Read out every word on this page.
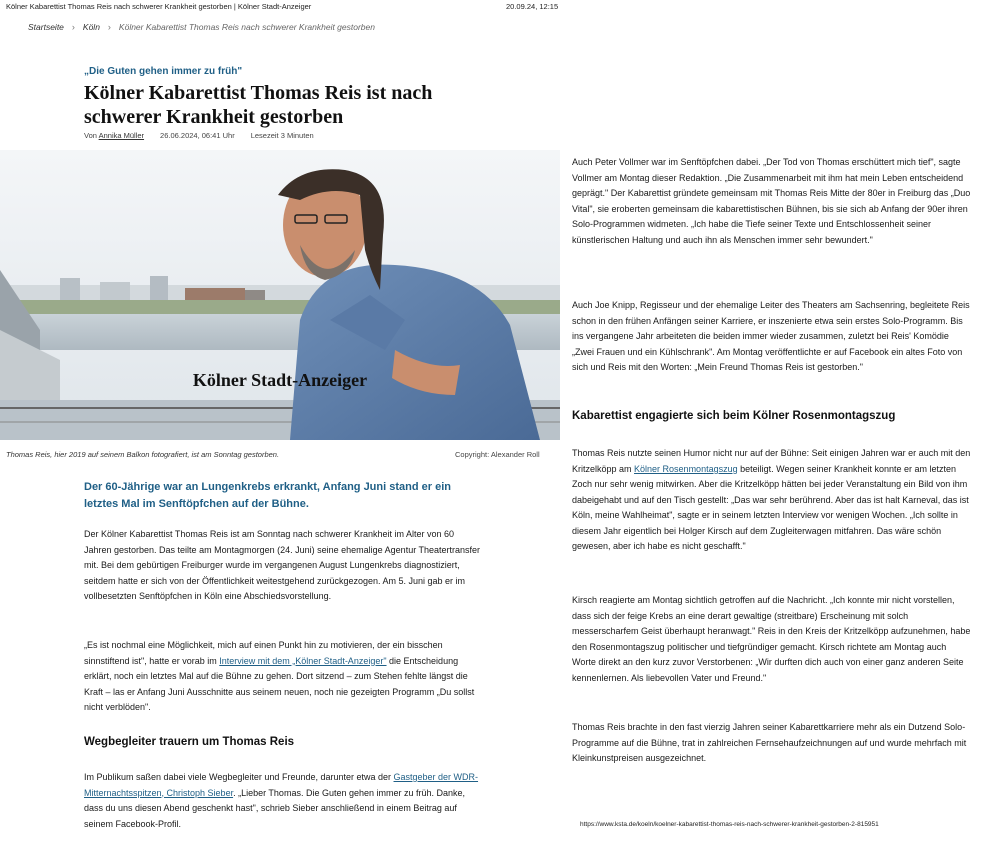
Kölner Kabarettist Thomas Reis nach schwerer Krankheit gestorben | Kölner Stadt-Anzeiger	20.09.24, 12:15
Startseite › Köln › Kölner Kabarettist Thomas Reis nach schwerer Krankheit gestorben
„Die Guten gehen immer zu früh"
Kölner Kabarettist Thomas Reis ist nach schwerer Krankheit gestorben
Von Annika Müller 26.06.2024, 06:41 Uhr Lesezeit 3 Minuten
Kölner Stadt-Anzeiger
Thomas Reis, hier 2019 auf seinem Balkon fotografiert, ist am Sonntag gestorben.	Copyright: Alexander Roll
Der 60-Jährige war an Lungenkrebs erkrankt, Anfang Juni stand er ein letztes Mal im Senftöpfchen auf der Bühne.

Der Kölner Kabarettist Thomas Reis ist am Sonntag nach schwerer Krankheit im Alter von 60 Jahren gestorben. Das teilte am Montagmorgen (24. Juni) seine ehemalige Agentur Theatertransfer mit. Bei dem gebürtigen Freiburger wurde im vergangenen August Lungenkrebs diagnostiziert, seitdem hatte er sich von der Öffentlichkeit weitestgehend zurückgezogen. Am 5. Juni gab er im vollbesetzten Senftöpfchen in Köln eine Abschiedsvorstellung.

„Es ist nochmal eine Möglichkeit, mich auf einen Punkt hin zu motivieren, der ein bisschen sinnstiftend ist", hatte er vorab im Interview mit dem „Kölner Stadt-Anzeiger" die Entscheidung erklärt, noch ein letztes Mal auf die Bühne zu gehen. Dort sitzend – zum Stehen fehlte längst die Kraft – las er Anfang Juni Ausschnitte aus seinem neuen, noch nie gezeigten Programm „Du sollst nicht verblöden".

Wegbegleiter trauern um Thomas Reis

Im Publikum saßen dabei viele Wegbegleiter und Freunde, darunter etwa der Gastgeber der WDR-Mitternachtsspitzen, Christoph Sieber. „Lieber Thomas. Die Guten gehen immer zu früh. Danke, dass du uns diesen Abend geschenkt hast", schrieb Sieber anschließend in einem Beitrag auf seinem Facebook-Profil.

Auch Peter Vollmer war im Senftöpfchen dabei. „Der Tod von Thomas erschüttert mich tief", sagte Vollmer am Montag dieser Redaktion. „Die Zusammenarbeit mit ihm hat mein Leben entscheidend geprägt." Der Kabarettist gründete gemeinsam mit Thomas Reis Mitte der 80er in Freiburg das „Duo Vital", sie eroberten gemeinsam die kabarettistischen Bühnen, bis sie sich ab Anfang der 90er ihren Solo-Programmen widmeten. „Ich habe die Tiefe seiner Texte und Entschlossenheit seiner künstlerischen Haltung und auch ihn als Menschen immer sehr bewundert."

Auch Joe Knipp, Regisseur und der ehemalige Leiter des Theaters am Sachsenring, begleitete Reis schon in den frühen Anfängen seiner Karriere, er inszenierte etwa sein erstes Solo-Programm. Bis ins vergangene Jahr arbeiteten die beiden immer wieder zusammen, zuletzt bei Reis' Komödie „Zwei Frauen und ein Kühlschrank". Am Montag veröffentlichte er auf Facebook ein altes Foto von sich und Reis mit den Worten: „Mein Freund Thomas Reis ist gestorben."

Kabarettist engagierte sich beim Kölner Rosenmontagszug

Thomas Reis nutzte seinen Humor nicht nur auf der Bühne: Seit einigen Jahren war er auch mit den Kritzelköpp am Kölner Rosenmontagszug beteiligt. Wegen seiner Krankheit konnte er am letzten Zoch nur sehr wenig mitwirken. Aber die Kritzelköpp hätten bei jeder Veranstaltung ein Bild von ihm dabeigehabt und auf den Tisch gestellt: „Das war sehr berührend. Aber das ist halt Karneval, das ist Köln, meine Wahlheimat", sagte er in seinem letzten Interview vor wenigen Wochen. „Ich sollte in diesem Jahr eigentlich bei Holger Kirsch auf dem Zugleiterwagen mitfahren. Das wäre schön gewesen, aber ich habe es nicht geschafft."

Kirsch reagierte am Montag sichtlich getroffen auf die Nachricht. „Ich konnte mir nicht vorstellen, dass sich der feige Krebs an eine derart gewaltige (streitbare) Erscheinung mit solch messerscharfem Geist überhaupt heranwagt." Reis in den Kreis der Kritzelköpp aufzunehmen, habe den Rosenmontagszug politischer und tiefgründiger gemacht. Kirsch richtete am Montag auch Worte direkt an den kurz zuvor Verstorbenen: „Wir durften dich auch von einer ganz anderen Seite kennenlernen. Als liebevollen Vater und Freund."

Thomas Reis brachte in den fast vierzig Jahren seiner Kabarettkarriere mehr als ein Dutzend Solo-Programme auf die Bühne, trat in zahlreichen Fernsehaufzeichnungen auf und wurde mehrfach mit Kleinkunstpreisen ausgezeichnet.

https://www.ksta.de/koeln/koelner-kabarettist-thomas-reis-nach-schwerer-krankheit-gestorben-2-815951
